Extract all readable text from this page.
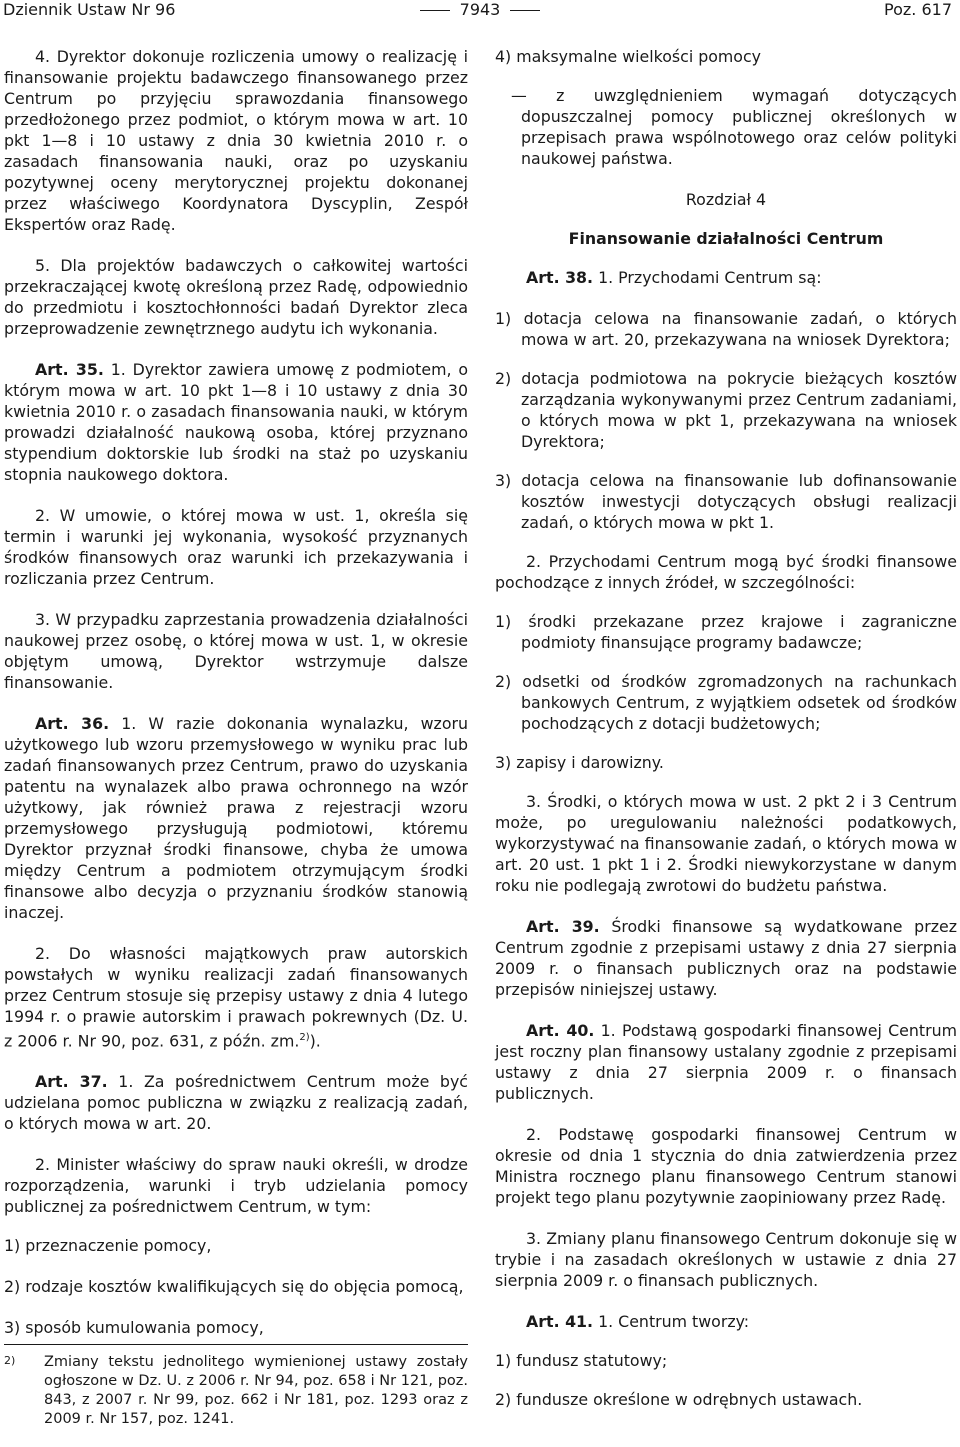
Dziennik Ustaw Nr 96	7943	Poz. 617

4. Dyrektor dokonuje rozliczenia umowy o realizację i finansowanie projektu badawczego finansowanego przez Centrum po przyjęciu sprawozdania finansowego przedłożonego przez podmiot, o którym mowa w art. 10 pkt 1—8 i 10 ustawy z dnia 30 kwietnia 2010 r. o zasadach finansowania nauki, oraz po uzyskaniu pozytywnej oceny merytorycznej projektu dokonanej przez właściwego Koordynatora Dyscyplin, Zespół Ekspertów oraz Radę.

5. Dla projektów badawczych o całkowitej wartości przekraczającej kwotę określoną przez Radę, odpowiednio do przedmiotu i kosztochłonności badań Dyrektor zleca przeprowadzenie zewnętrznego audytu ich wykonania.

Art. 35. 1. Dyrektor zawiera umowę z podmiotem, o którym mowa w art. 10 pkt 1—8 i 10 ustawy z dnia 30 kwietnia 2010 r. o zasadach finansowania nauki, w którym prowadzi działalność naukową osoba, której przyznano stypendium doktorskie lub środki na staż po uzyskaniu stopnia naukowego doktora.

2. W umowie, o której mowa w ust. 1, określa się termin i warunki jej wykonania, wysokość przyznanych środków finansowych oraz warunki ich przekazywania i rozliczania przez Centrum.

3. W przypadku zaprzestania prowadzenia działalności naukowej przez osobę, o której mowa w ust. 1, w okresie objętym umową, Dyrektor wstrzymuje dalsze finansowanie.

Art. 36. 1. W razie dokonania wynalazku, wzoru użytkowego lub wzoru przemysłowego w wyniku prac lub zadań finansowanych przez Centrum, prawo do uzyskania patentu na wynalazek albo prawa ochronnego na wzór użytkowy, jak również prawa z rejestracji wzoru przemysłowego przysługują podmiotowi, któremu Dyrektor przyznał środki finansowe, chyba że umowa między Centrum a podmiotem otrzymującym środki finansowe albo decyzja o przyznaniu środków stanowią inaczej.

2. Do własności majątkowych praw autorskich powstałych w wyniku realizacji zadań finansowanych przez Centrum stosuje się przepisy ustawy z dnia 4 lutego 1994 r. o prawie autorskim i prawach pokrewnych (Dz. U. z 2006 r. Nr 90, poz. 631, z późn. zm.$^{2)}$).

Art. 37. 1. Za pośrednictwem Centrum może być udzielana pomoc publiczna w związku z realizacją zadań, o których mowa w art. 20.

2. Minister właściwy do spraw nauki określi, w drodze rozporządzenia, warunki i tryb udzielania pomocy publicznej za pośrednictwem Centrum, w tym:

1) przeznaczenie pomocy,
2) rodzaje kosztów kwalifikujących się do objęcia pomocą,
3) sposób kumulowania pomocy,
2)	Zmiany tekstu jednolitego wymienionej ustawy zostały ogłoszone w Dz. U. z 2006 r. Nr 94, poz. 658 i Nr 121, poz. 843, z 2007 r. Nr 99, poz. 662 i Nr 181, poz. 1293 oraz z 2009 r. Nr 157, poz. 1241.

4) maksymalne wielkości pomocy

— z uwzględnieniem wymagań dotyczących dopuszczalnej pomocy publicznej określonych w przepisach prawa wspólnotowego oraz celów polityki naukowej państwa.

Rozdział 4

Finansowanie działalności Centrum

Art. 38. 1. Przychodami Centrum są:

1) dotacja celowa na finansowanie zadań, o których mowa w art. 20, przekazywana na wniosek Dyrektora;
2) dotacja podmiotowa na pokrycie bieżących kosztów zarządzania wykonywanymi przez Centrum zadaniami, o których mowa w pkt 1, przekazywana na wniosek Dyrektora;
3) dotacja celowa na finansowanie lub dofinansowanie kosztów inwestycji dotyczących obsługi realizacji zadań, o których mowa w pkt 1.

2. Przychodami Centrum mogą być środki finansowe pochodzące z innych źródeł, w szczególności:

1) środki przekazane przez krajowe i zagraniczne podmioty finansujące programy badawcze;
2) odsetki od środków zgromadzonych na rachunkach bankowych Centrum, z wyjątkiem odsetek od środków pochodzących z dotacji budżetowych;
3) zapisy i darowizny.

3. Środki, o których mowa w ust. 2 pkt 2 i 3 Centrum może, po uregulowaniu należności podatkowych, wykorzystywać na finansowanie zadań, o których mowa w art. 20 ust. 1 pkt 1 i 2. Środki niewykorzystane w danym roku nie podlegają zwrotowi do budżetu państwa.

Art. 39. Środki finansowe są wydatkowane przez Centrum zgodnie z przepisami ustawy z dnia 27 sierpnia 2009 r. o finansach publicznych oraz na podstawie przepisów niniejszej ustawy.

Art. 40. 1. Podstawą gospodarki finansowej Centrum jest roczny plan finansowy ustalany zgodnie z przepisami ustawy z dnia 27 sierpnia 2009 r. o finansach publicznych.

2. Podstawę gospodarki finansowej Centrum w okresie od dnia 1 stycznia do dnia zatwierdzenia przez Ministra rocznego planu finansowego Centrum stanowi projekt tego planu pozytywnie zaopiniowany przez Radę.

3. Zmiany planu finansowego Centrum dokonuje się w trybie i na zasadach określonych w ustawie z dnia 27 sierpnia 2009 r. o finansach publicznych.

Art. 41. 1. Centrum tworzy:

1) fundusz statutowy;
2) fundusze określone w odrębnych ustawach.
